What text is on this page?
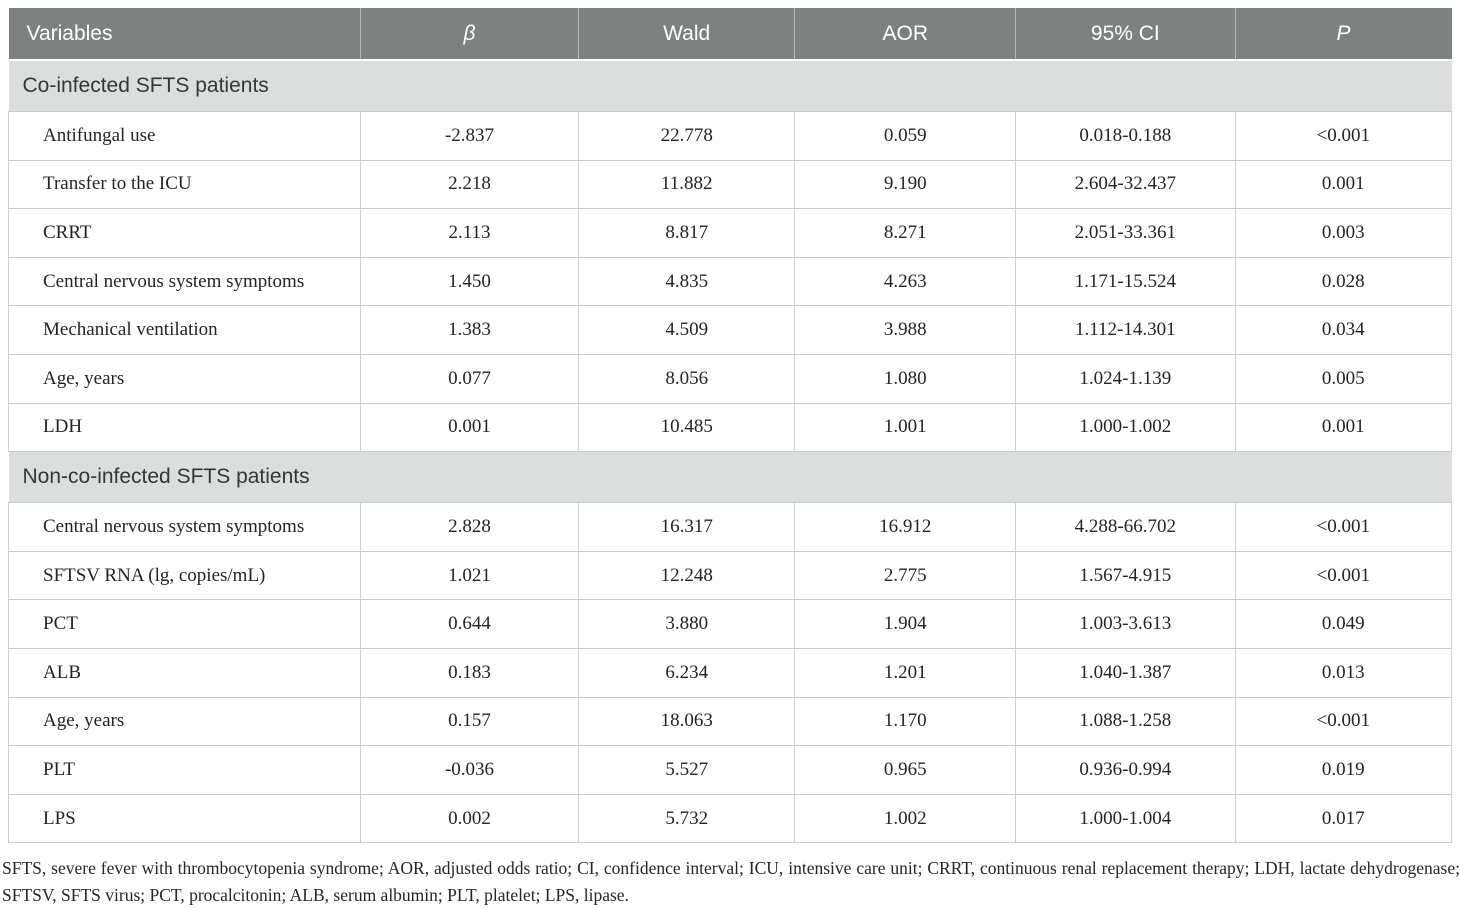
Variables	β	Wald	AOR	95% CI	P
Co-infected SFTS patients					
Antifungal use	-2.837	22.778	0.059	0.018-0.188	<0.001
Transfer to the ICU	2.218	11.882	9.190	2.604-32.437	0.001
CRRT	2.113	8.817	8.271	2.051-33.361	0.003
Central nervous system symptoms	1.450	4.835	4.263	1.171-15.524	0.028
Mechanical ventilation	1.383	4.509	3.988	1.112-14.301	0.034
Age, years	0.077	8.056	1.080	1.024-1.139	0.005
LDH	0.001	10.485	1.001	1.000-1.002	0.001
Non-co-infected SFTS patients					
Central nervous system symptoms	2.828	16.317	16.912	4.288-66.702	<0.001
SFTSV RNA (lg, copies/mL)	1.021	12.248	2.775	1.567-4.915	<0.001
PCT	0.644	3.880	1.904	1.003-3.613	0.049
ALB	0.183	6.234	1.201	1.040-1.387	0.013
Age, years	0.157	18.063	1.170	1.088-1.258	<0.001
PLT	-0.036	5.527	0.965	0.936-0.994	0.019
LPS	0.002	5.732	1.002	1.000-1.004	0.017

SFTS, severe fever with thrombocytopenia syndrome; AOR, adjusted odds ratio; CI, confidence interval; ICU, intensive care unit; CRRT, continuous renal replacement therapy; LDH, lactate dehydrogenase; SFTSV, SFTS virus; PCT, procalcitonin; ALB, serum albumin; PLT, platelet; LPS, lipase.
